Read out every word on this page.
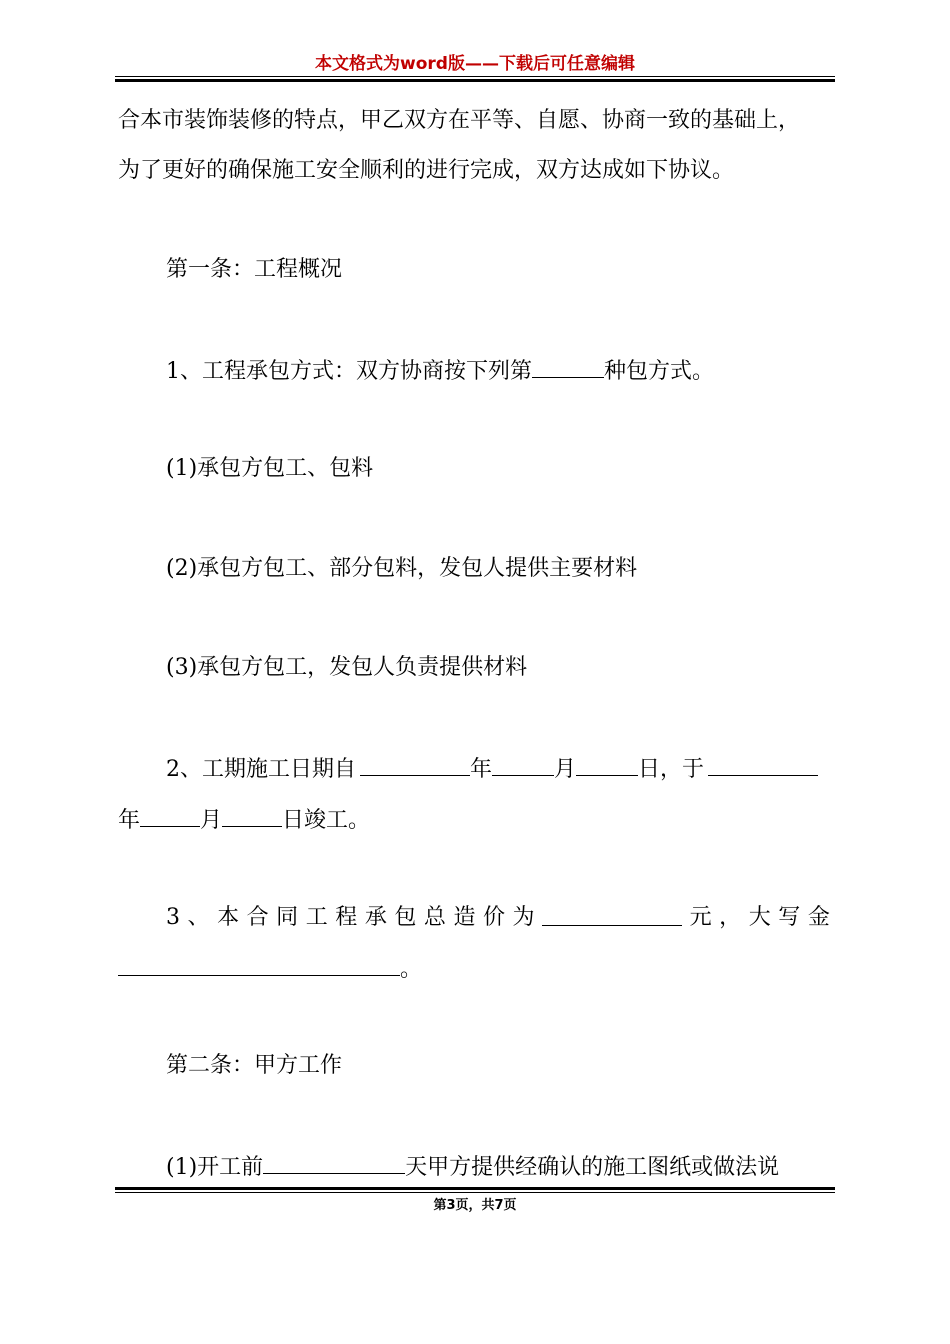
本文格式为word版——下载后可任意编辑
合本市装饰装修的特点，甲乙双方在平等、自愿、协商一致的基础上，
为了更好的确保施工安全顺利的进行完成，双方达成如下协议。
第一条：工程概况
1、工程承包方式：双方协商按下列第	种包方式。
(1)承包方包工、包料
(2)承包方包工、部分包料，发包人提供主要材料
(3)承包方包工，发包人负责提供材料
2、工期施工日期自	年	月	日，于
年	月	日竣工。
3 、 本 合 同 工 程 承 包 总 造 价 为	元 ， 大 写 金
。
第二条：甲方工作
(1)开工前	天甲方提供经确认的施工图纸或做法说
第3页，共7页
